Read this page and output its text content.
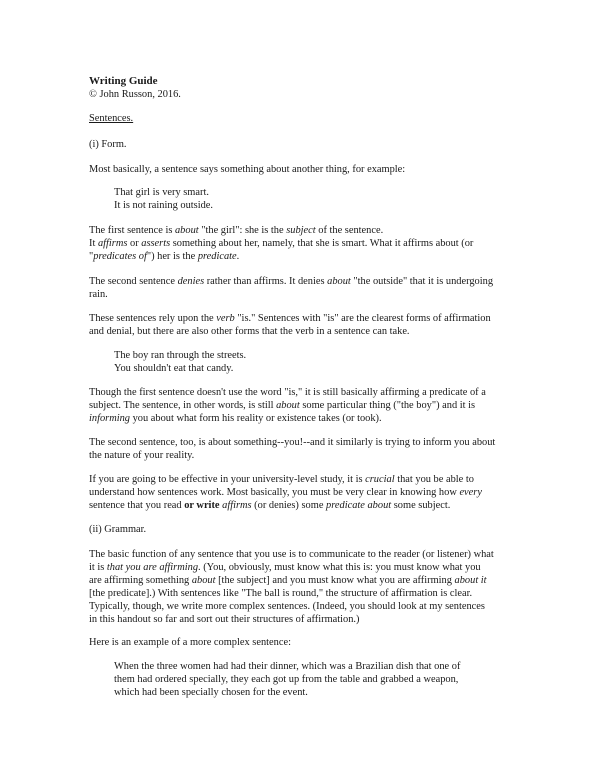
Writing Guide
© John Russon, 2016.
Sentences.
(i) Form.
Most basically, a sentence says something about another thing, for example:
That girl is very smart.
It is not raining outside.
The first sentence is about "the girl": she is the subject of the sentence.
It affirms or asserts something about her, namely, that she is smart. What it affirms about (or
"predicates of") her is the predicate.
The second sentence denies rather than affirms. It denies about "the outside" that it is undergoing
rain.
These sentences rely upon the verb "is." Sentences with "is" are the clearest forms of affirmation
and denial, but there are also other forms that the verb in a sentence can take.
The boy ran through the streets.
You shouldn't eat that candy.
Though the first sentence doesn't use the word "is," it is still basically affirming a predicate of a
subject. The sentence, in other words, is still about some particular thing ("the boy") and it is
informing you about what form his reality or existence takes (or took).
The second sentence, too, is about something--you!--and it similarly is trying to inform you about
the nature of your reality.
If you are going to be effective in your university-level study, it is crucial that you be able to
understand how sentences work. Most basically, you must be very clear in knowing how every
sentence that you read or write affirms (or denies) some predicate about some subject.
(ii) Grammar.
The basic function of any sentence that you use is to communicate to the reader (or listener) what
it is that you are affirming. (You, obviously, must know what this is: you must know what you
are affirming something about [the subject] and you must know what you are affirming about it
[the predicate].) With sentences like "The ball is round," the structure of affirmation is clear.
Typically, though, we write more complex sentences. (Indeed, you should look at my sentences
in this handout so far and sort out their structures of affirmation.)
Here is an example of a more complex sentence:
When the three women had had their dinner, which was a Brazilian dish that one of
them had ordered specially, they each got up from the table and grabbed a weapon,
which had been specially chosen for the event.
